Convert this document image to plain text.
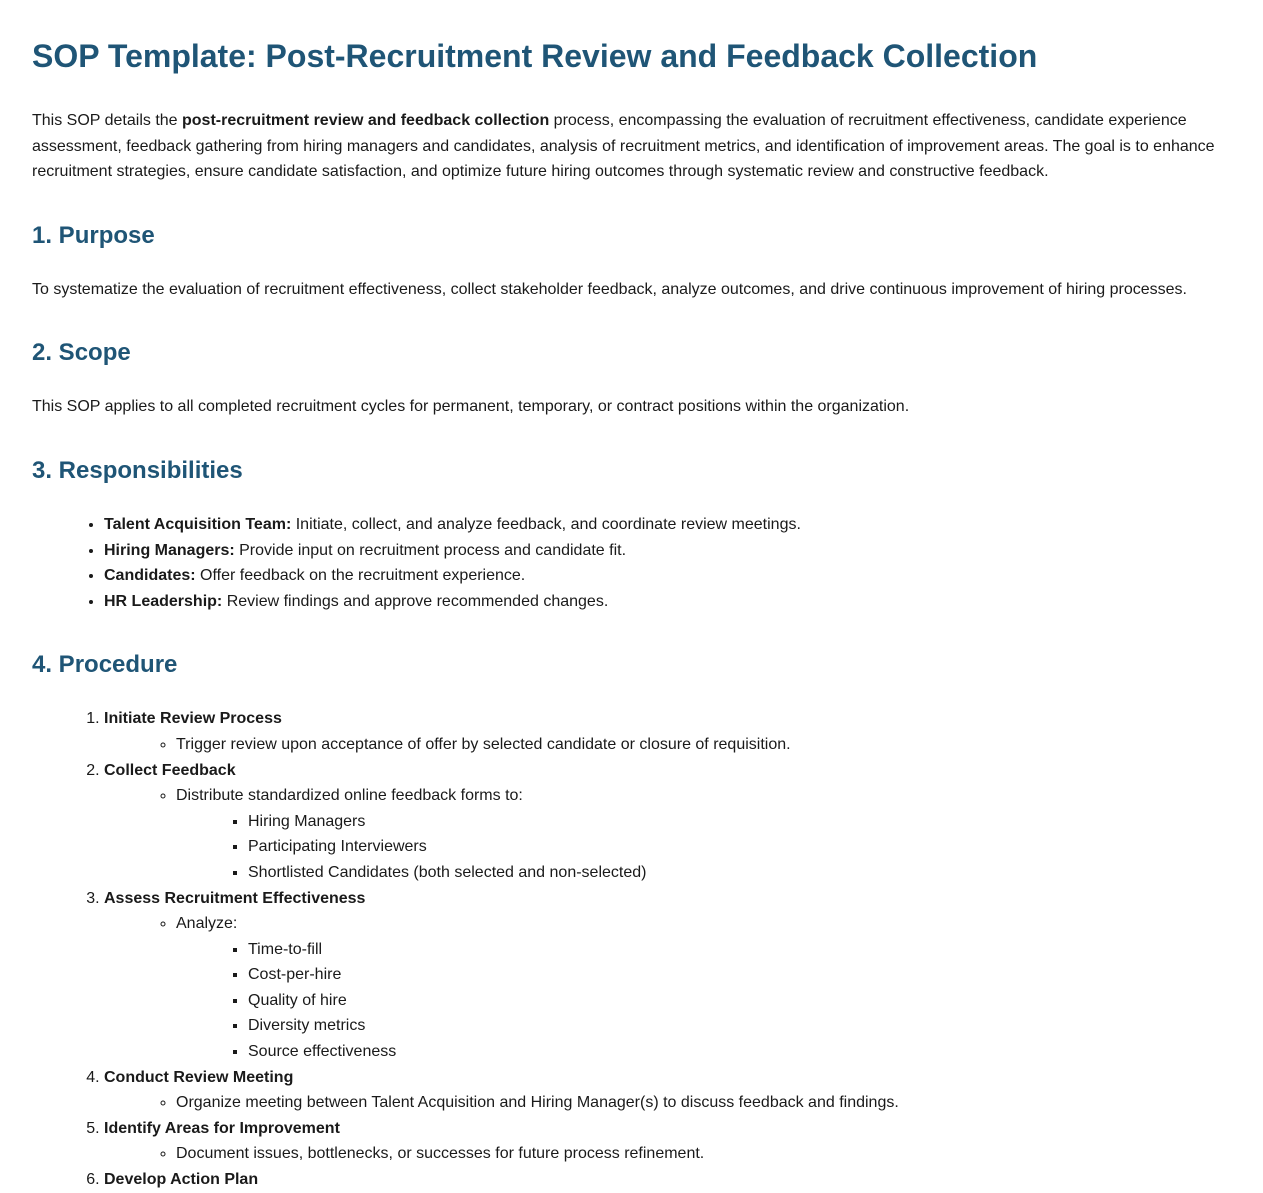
SOP Template: Post-Recruitment Review and Feedback Collection

This SOP details the post-recruitment review and feedback collection process, encompassing the evaluation of recruitment effectiveness, candidate experience assessment, feedback gathering from hiring managers and candidates, analysis of recruitment metrics, and identification of improvement areas. The goal is to enhance recruitment strategies, ensure candidate satisfaction, and optimize future hiring outcomes through systematic review and constructive feedback.

1. Purpose

To systematize the evaluation of recruitment effectiveness, collect stakeholder feedback, analyze outcomes, and drive continuous improvement of hiring processes.

2. Scope

This SOP applies to all completed recruitment cycles for permanent, temporary, or contract positions within the organization.

3. Responsibilities
• Talent Acquisition Team: Initiate, collect, and analyze feedback, and coordinate review meetings.
• Hiring Managers: Provide input on recruitment process and candidate fit.
• Candidates: Offer feedback on the recruitment experience.
• HR Leadership: Review findings and approve recommended changes.
4. Procedure
1. Initiate Review Process
◦ Trigger review upon acceptance of offer by selected candidate or closure of requisition.
2. Collect Feedback
◦ Distribute standardized online feedback forms to:
▪ Hiring Managers
▪ Participating Interviewers
▪ Shortlisted Candidates (both selected and non-selected)
3. Assess Recruitment Effectiveness
◦ Analyze:
▪ Time-to-fill
▪ Cost-per-hire
▪ Quality of hire
▪ Diversity metrics
▪ Source effectiveness
4. Conduct Review Meeting
◦ Organize meeting between Talent Acquisition and Hiring Manager(s) to discuss feedback and findings.
5. Identify Areas for Improvement
◦ Document issues, bottlenecks, or successes for future process refinement.
6. Develop Action Plan
